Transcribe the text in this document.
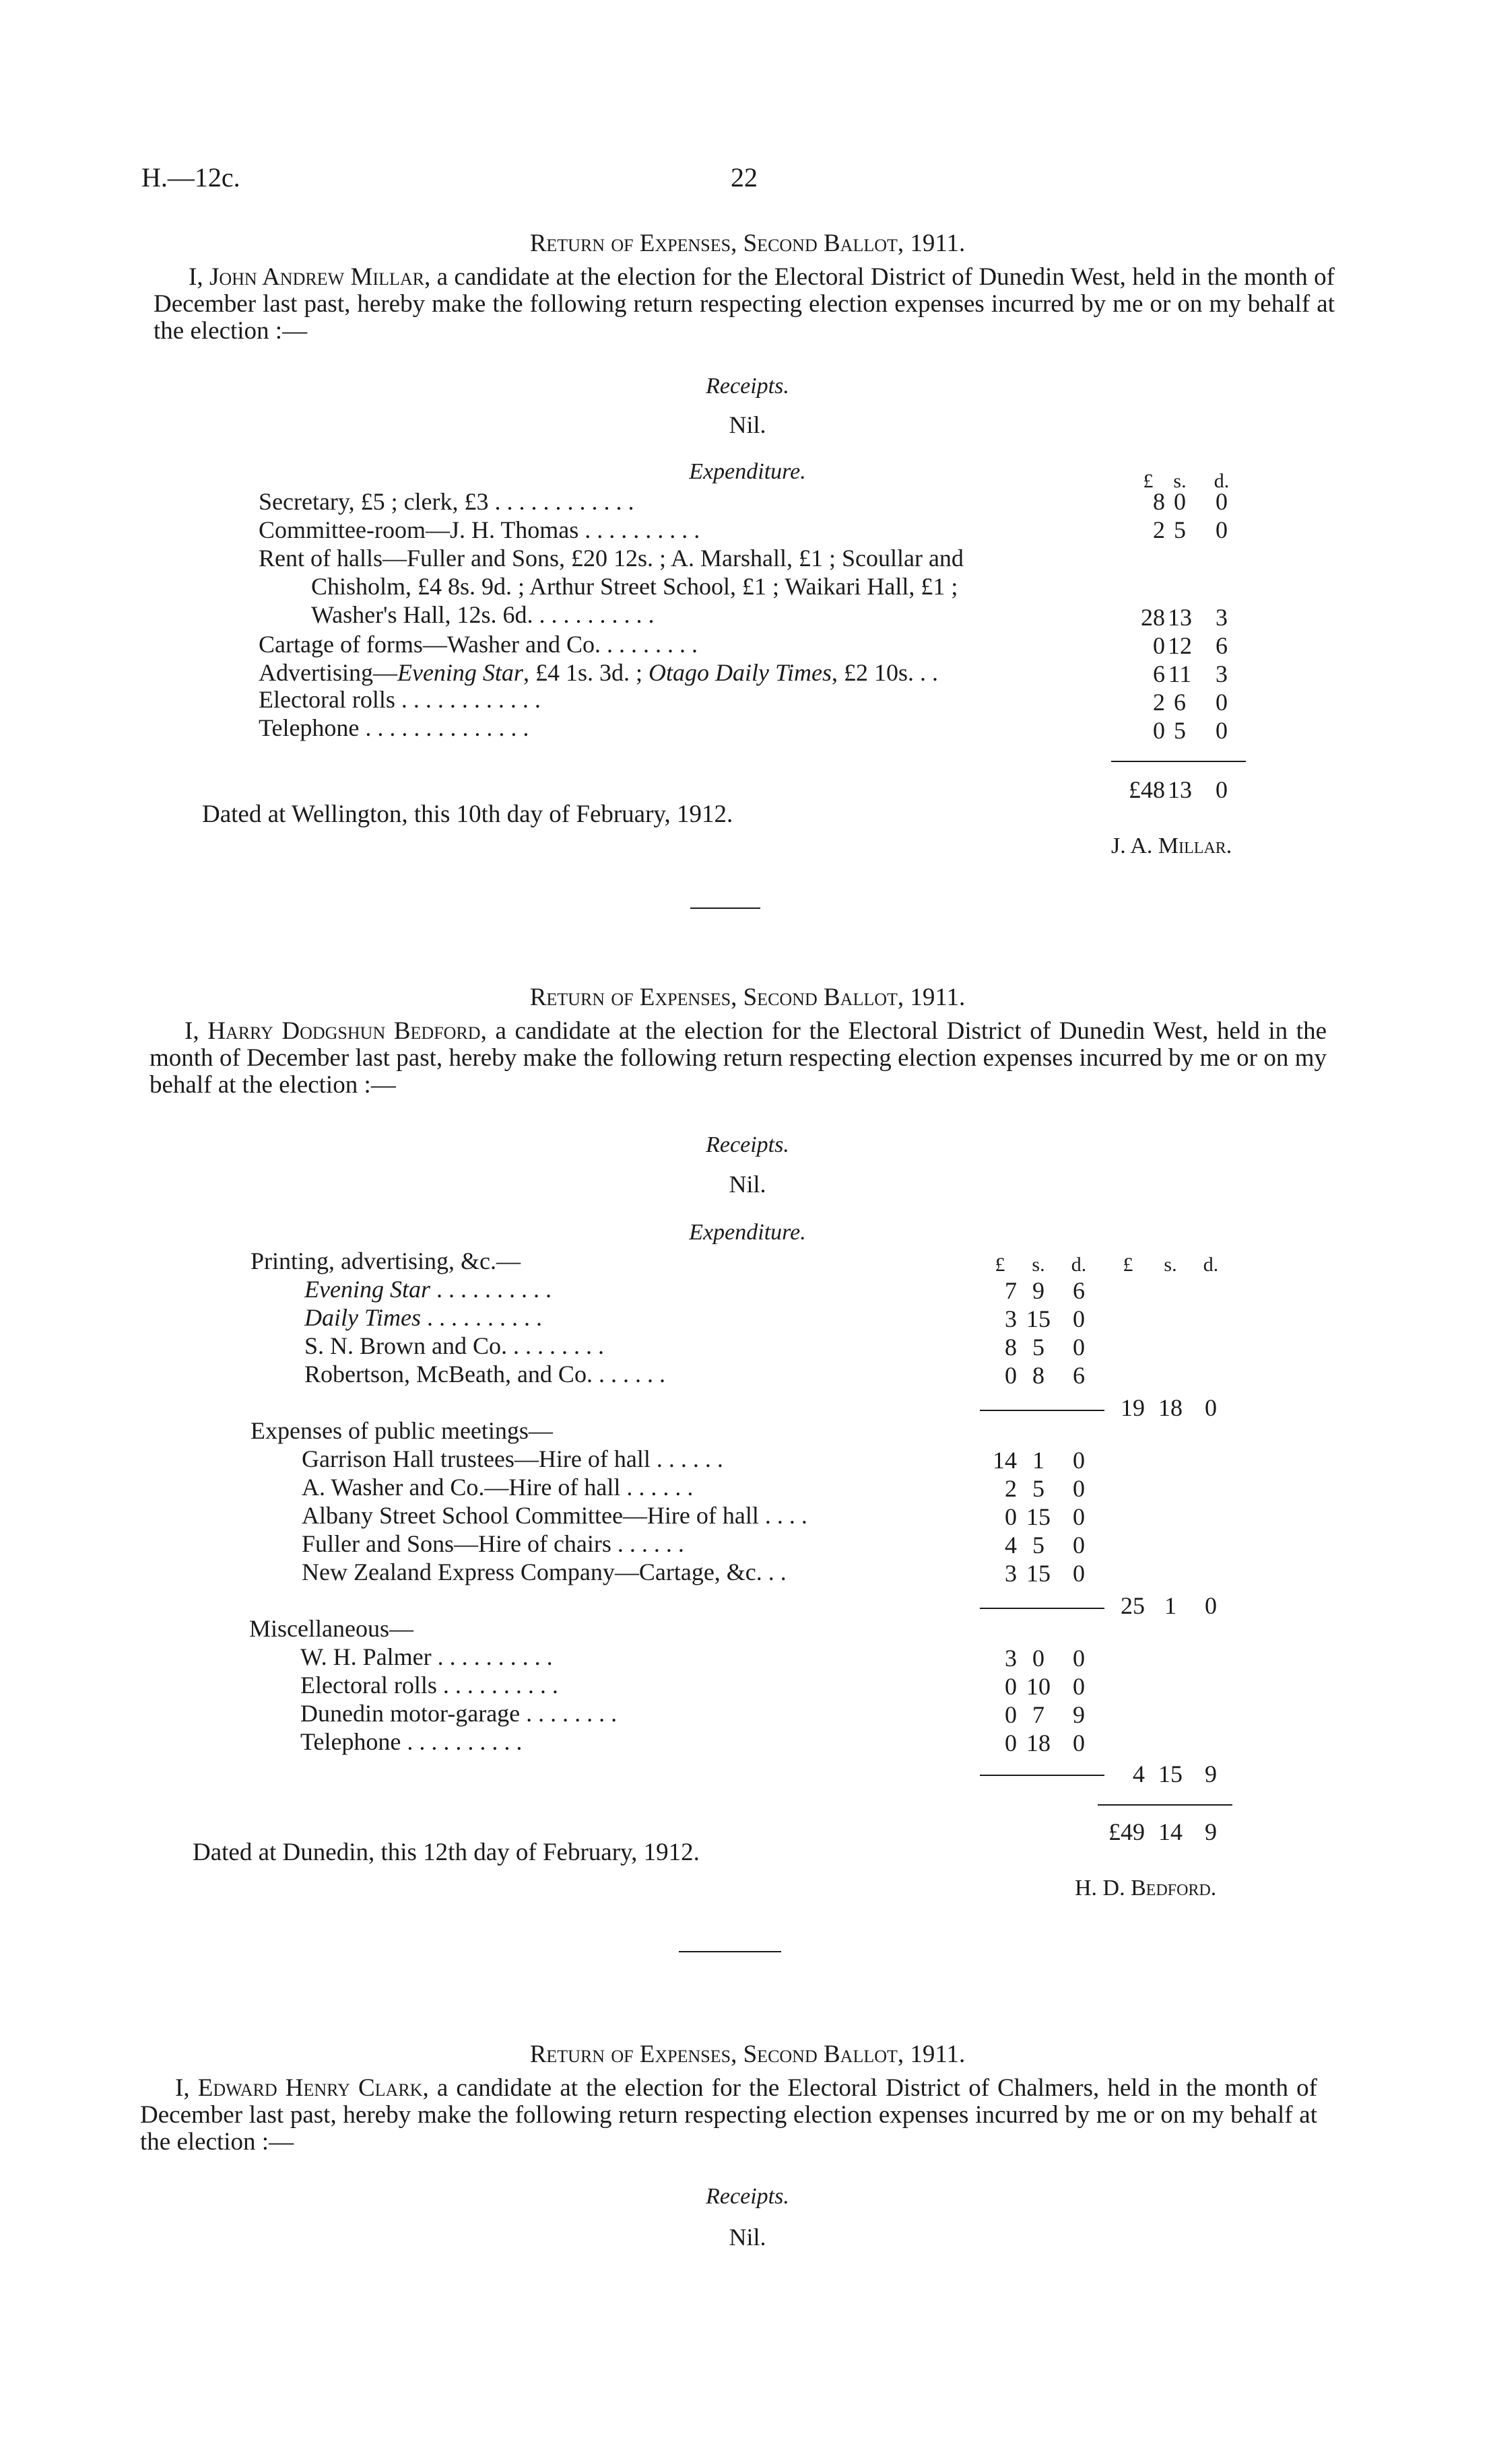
H.—12c.	22
Return of Expenses, Second Ballot, 1911.
I, John Andrew Millar, a candidate at the election for the Electoral District of Dunedin West, held in the month of December last past, hereby make the following return respecting election expenses incurred by me or on my behalf at the election :—
Receipts.
Nil.
Expenditure.	£ s.	d.
Secretary, £5 ; clerk, £3 . . . . . . . . . . . .	8 0	0
Committee-room—J. H. Thomas . . . . . . . . . .	2 5	0
Rent of halls—Fuller and Sons, £20 12s. ; A. Marshall, £1 ; Scoullar and
Chisholm, £4 8s. 9d. ; Arthur Street School, £1 ; Waikari Hall, £1 ;
Washer's Hall, 12s. 6d. . . . . . . . . . .	28 13 3
Cartage of forms—Washer and Co. . . . . . . . .	0 12 6
Advertising—Evening Star, £4 1s. 3d. ; Otago Daily Times, £2 10s. . .	6 11 3
Electoral rolls . . . . . . . . . . . .	2 6	0
Telephone . . . . . . . . . . . . . .	0 5	0
£48 13 0
Dated at Wellington, this 10th day of February, 1912.
J. A. Millar.
Return of Expenses, Second Ballot, 1911.
I, Harry Dodgshun Bedford, a candidate at the election for the Electoral District of Dunedin West, held in the month of December last past, hereby make the following return respecting election expenses incurred by me or on my behalf at the election :—
Receipts.
Nil.
Expenditure.
£	s.	d.	£	s.	d.
Printing, advertising, &c.—
Evening Star . . . . . . . . . .	7 9	6
Daily Times . . . . . . . . . .	3 15 0
S. N. Brown and Co. . . . . . . . .	8 5	0
Robertson, McBeath, and Co. . . . . . .	0 8	6
19 18 0
Expenses of public meetings—
Garrison Hall trustees—Hire of hall . . . . . .	14 1	0
A. Washer and Co.—Hire of hall . . . . . .	2 5	0
Albany Street School Committee—Hire of hall . . . .	0 15 0
Fuller and Sons—Hire of chairs . . . . . .	4 5	0
New Zealand Express Company—Cartage, &c. . .	3 15 0
25 1	0
Miscellaneous—
W. H. Palmer . . . . . . . . . .	3 0	0
Electoral rolls . . . . . . . . . .	0 10 0
Dunedin motor-garage . . . . . . . .	0 7	9
Telephone . . . . . . . . . .	0 18 0
4 15 9
£49 14 9
Dated at Dunedin, this 12th day of February, 1912.
H. D. Bedford.
Return of Expenses, Second Ballot, 1911.
I, Edward Henry Clark, a candidate at the election for the Electoral District of Chalmers, held in the month of December last past, hereby make the following return respecting election expenses incurred by me or on my behalf at the election :—
Receipts.
Nil.
